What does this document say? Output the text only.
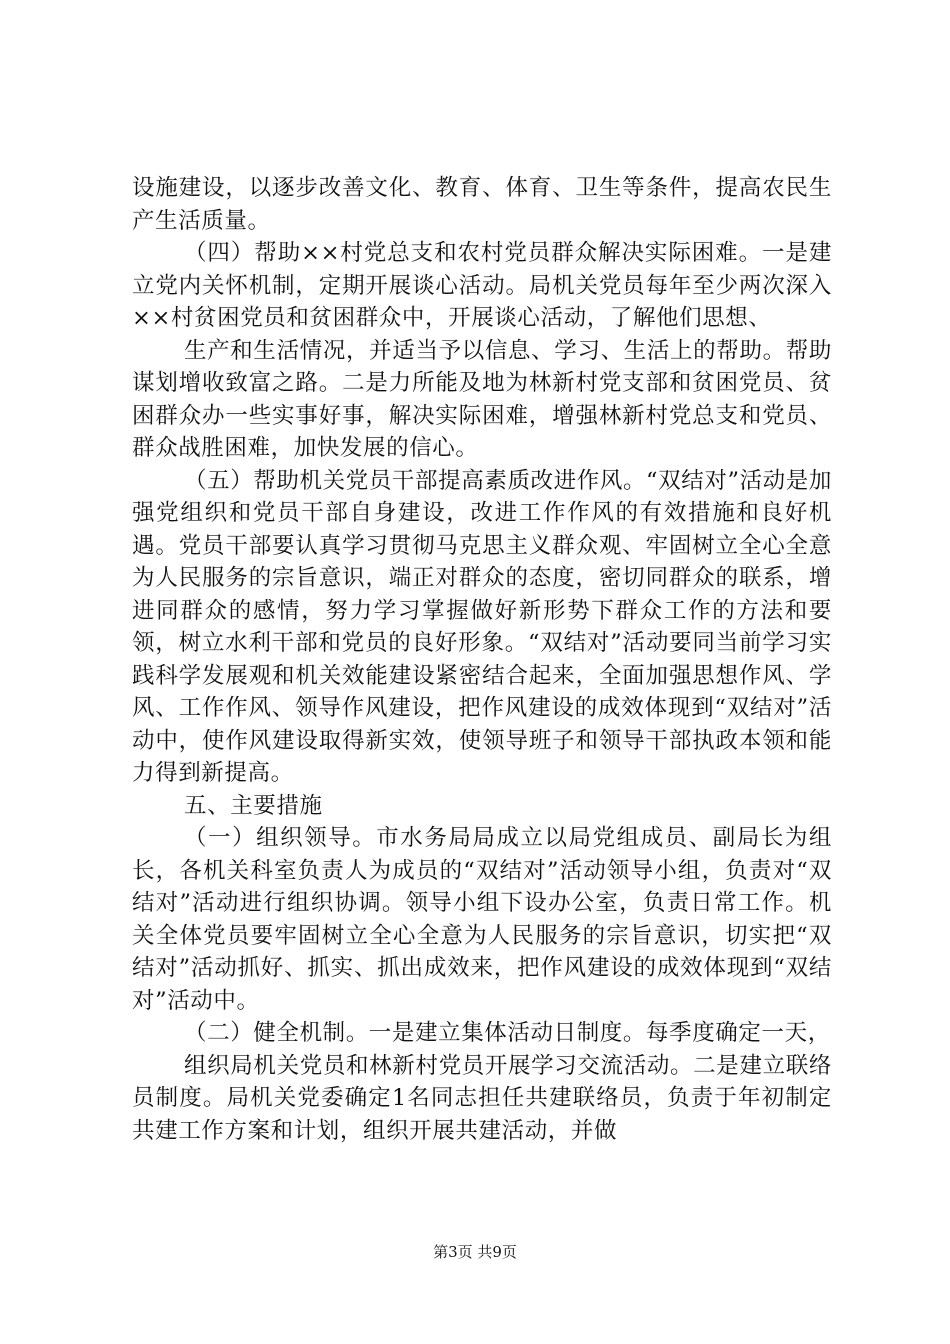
设施建设，以逐步改善文化、教育、体育、卫生等条件，提高农民生产生活质量。

（四）帮助××村党总支和农村党员群众解决实际困难。一是建立党内关怀机制，定期开展谈心活动。局机关党员每年至少两次深入××村贫困党员和贫困群众中，开展谈心活动，了解他们思想、

生产和生活情况，并适当予以信息、学习、生活上的帮助。帮助谋划增收致富之路。二是力所能及地为林新村党支部和贫困党员、贫困群众办一些实事好事，解决实际困难，增强林新村党总支和党员、群众战胜困难，加快发展的信心。

（五）帮助机关党员干部提高素质改进作风。“双结对”活动是加强党组织和党员干部自身建设，改进工作作风的有效措施和良好机遇。党员干部要认真学习贯彻马克思主义群众观、牢固树立全心全意为人民服务的宗旨意识，端正对群众的态度，密切同群众的联系，增进同群众的感情，努力学习掌握做好新形势下群众工作的方法和要领，树立水利干部和党员的良好形象。“双结对”活动要同当前学习实践科学发展观和机关效能建设紧密结合起来，全面加强思想作风、学风、工作作风、领导作风建设，把作风建设的成效体现到“双结对”活动中，使作风建设取得新实效，使领导班子和领导干部执政本领和能力得到新提高。

五、主要措施

（一）组织领导。市水务局局成立以局党组成员、副局长为组长，各机关科室负责人为成员的“双结对”活动领导小组，负责对“双结对”活动进行组织协调。领导小组下设办公室，负责日常工作。机关全体党员要牢固树立全心全意为人民服务的宗旨意识，切实把“双结对”活动抓好、抓实、抓出成效来，把作风建设的成效体现到“双结对”活动中。

（二）健全机制。一是建立集体活动日制度。每季度确定一天，

组织局机关党员和林新村党员开展学习交流活动。二是建立联络员制度。局机关党委确定1名同志担任共建联络员，负责于年初制定共建工作方案和计划，组织开展共建活动，并做

第3页 共9页
